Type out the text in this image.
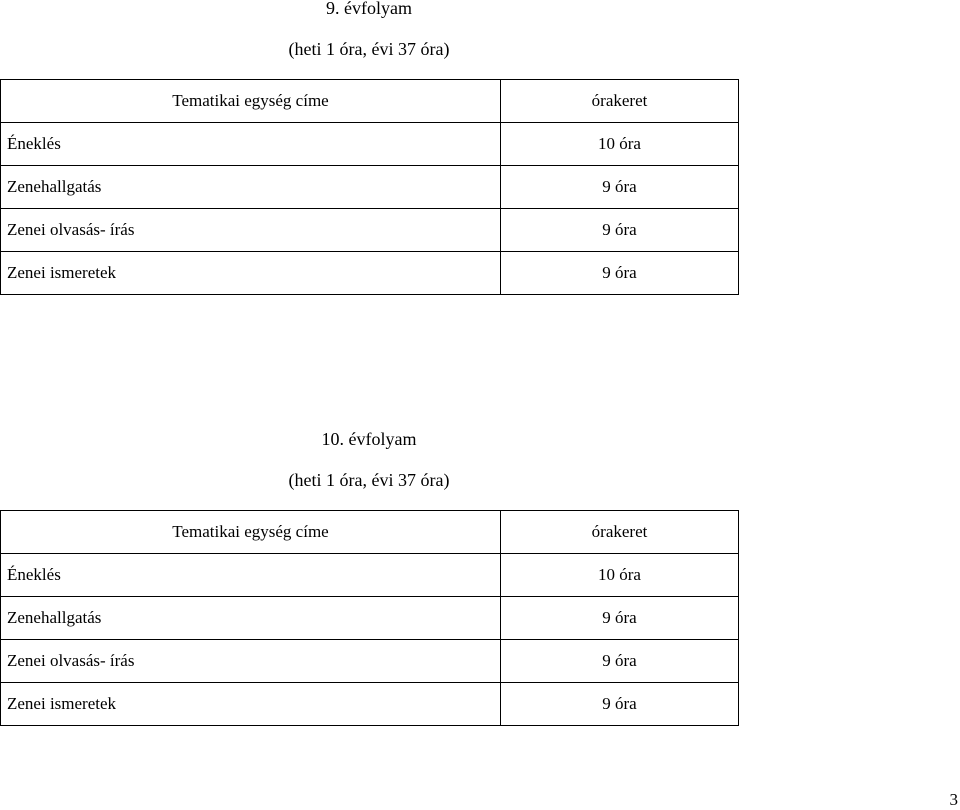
9. évfolyam
(heti 1 óra, évi 37 óra)
Tematikai egység címe	órakeret
Éneklés	10 óra
Zenehallgatás	9 óra
Zenei olvasás- írás	9 óra
Zenei ismeretek	9 óra
10. évfolyam
(heti 1 óra, évi 37 óra)
Tematikai egység címe	órakeret
Éneklés	10 óra
Zenehallgatás	9 óra
Zenei olvasás- írás	9 óra
Zenei ismeretek	9 óra
3
